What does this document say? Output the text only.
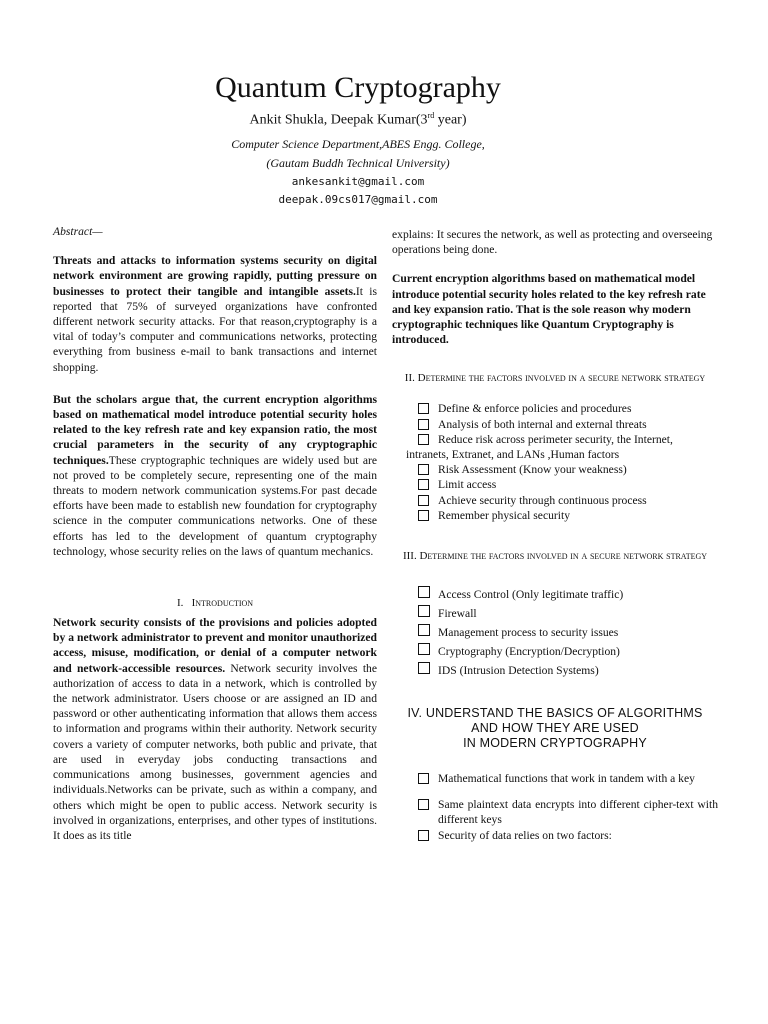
Quantum Cryptography
Ankit Shukla, Deepak Kumar(3rd year)
Computer Science Department,ABES Engg. College,
(Gautam Buddh Technical University)
ankesankit@gmail.com
deepak.09cs017@gmail.com

Abstract—

Threats and attacks to information systems security on digital network environment are growing rapidly, putting pressure on businesses to protect their tangible and intangible assets.It is reported that 75% of surveyed organizations have confronted different network security attacks. For that reason,cryptography is a vital of today’s computer and communications networks, protecting everything from business e-mail to bank transactions and internet shopping.

But the scholars argue that, the current encryption algorithms based on mathematical model introduce potential security holes related to the key refresh rate and key expansion ratio, the most crucial parameters in the security of any cryptographic techniques.These cryptographic techniques are widely used but are not proved to be completely secure, representing one of the main threats to modern network communication systems.For past decade efforts have been made to establish new foundation for cryptography science in the computer communications networks. One of these efforts has led to the development of quantum cryptography technology, whose security relies on the laws of quantum mechanics.

I. Introduction

Network security consists of the provisions and policies adopted by a network administrator to prevent and monitor unauthorized access, misuse, modification, or denial of a computer network and network-accessible resources. Network security involves the authorization of access to data in a network, which is controlled by the network administrator. Users choose or are assigned an ID and password or other authenticating information that allows them access to information and programs within their authority. Network security covers a variety of computer networks, both public and private, that are used in everyday jobs conducting transactions and communications among businesses, government agencies and individuals.Networks can be private, such as within a company, and others which might be open to public access. Network security is involved in organizations, enterprises, and other types of institutions. It does as its title

explains: It secures the network, as well as protecting and overseeing operations being done.

Current encryption algorithms based on mathematical model introduce potential security holes related to the key refresh rate and key expansion ratio. That is the sole reason why modern cryptographic techniques like Quantum Cryptography is introduced.

II. Determine the factors involved in a secure network strategy
Define & enforce policies and procedures
Analysis of both internal and external threats
Reduce risk across perimeter security, the Internet,
intranets, Extranet, and LANs ,Human factors
Risk Assessment (Know your weakness)
Limit access
Achieve security through continuous process
Remember physical security
III. Determine the factors involved in a secure network strategy
Access Control (Only legitimate traffic)
Firewall
Management process to security issues
Cryptography (Encryption/Decryption)
IDS (Intrusion Detection Systems)
IV. UNDERSTAND THE BASICS OF ALGORITHMS
AND HOW THEY ARE USED
IN MODERN CRYPTOGRAPHY
Mathematical functions that work in tandem with a key
Same plaintext data encrypts into different cipher-text with different keys
Security of data relies on two factors:
